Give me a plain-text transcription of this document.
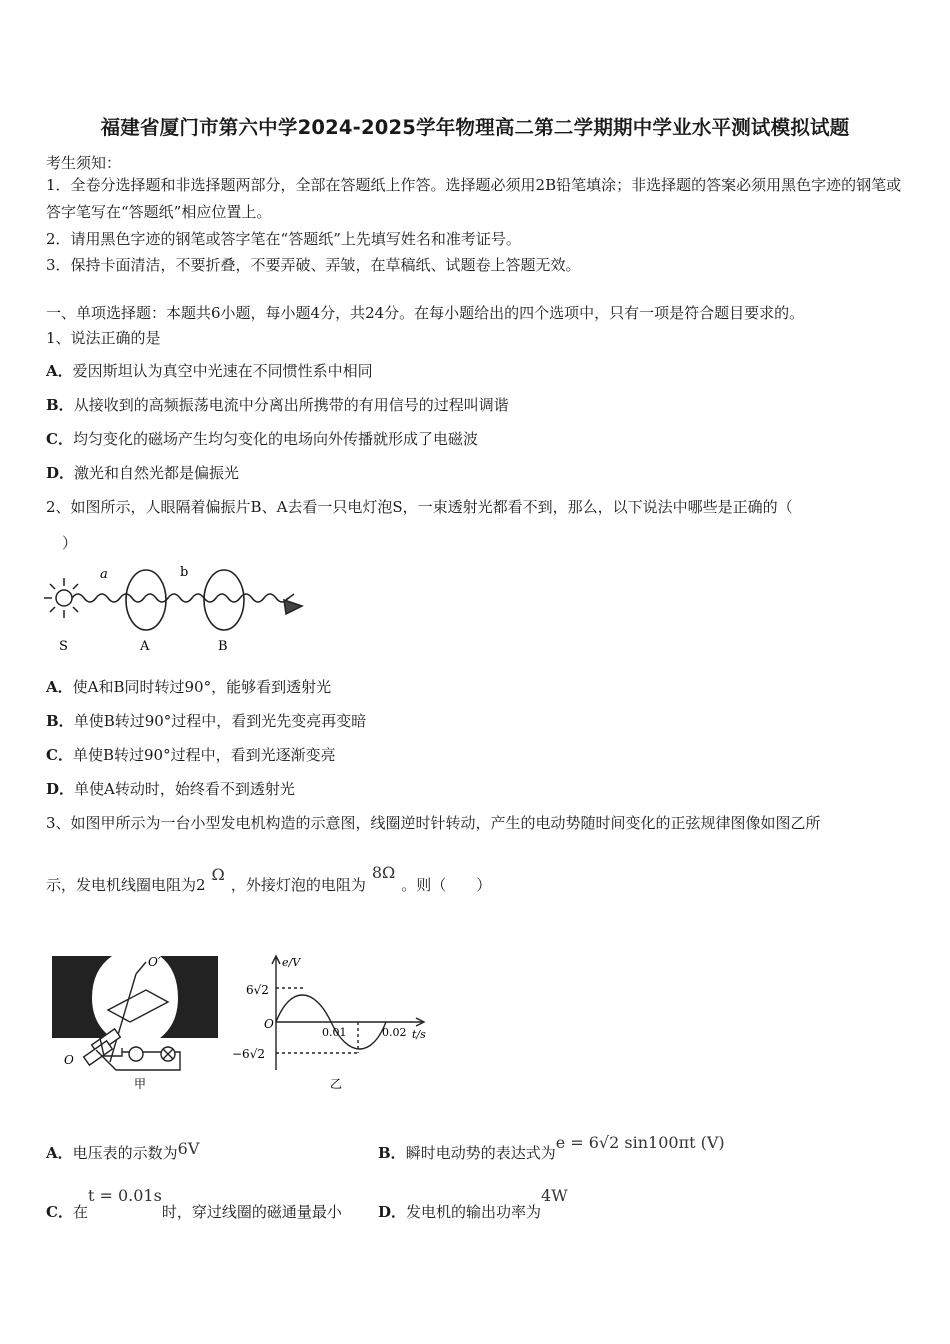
福建省厦门市第六中学2024-2025学年物理高二第二学期期中学业水平测试模拟试题
考生须知：
1．全卷分选择题和非选择题两部分，全部在答题纸上作答。选择题必须用2B铅笔填涂；非选择题的答案必须用黑色字迹的钢笔或答字笔写在“答题纸”相应位置上。
2．请用黑色字迹的钢笔或答字笔在“答题纸”上先填写姓名和准考证号。
3．保持卡面清洁，不要折叠，不要弄破、弄皱，在草稿纸、试题卷上答题无效。
一、单项选择题：本题共6小题，每小题4分，共24分。在每小题给出的四个选项中，只有一项是符合题目要求的。
1、说法正确的是
A．爱因斯坦认为真空中光速在不同惯性系中相同
B．从接收到的高频振荡电流中分离出所携带的有用信号的过程叫调谐
C．均匀变化的磁场产生均匀变化的电场向外传播就形成了电磁波
D．激光和自然光都是偏振光
2、如图所示，人眼隔着偏振片B、A去看一只电灯泡S，一束透射光都看不到，那么，以下说法中哪些是正确的（
）
a	b
S	A	B
A．使A和B同时转过90°，能够看到透射光
B．单使B转过90°过程中，看到光先变亮再变暗
C．单使B转过90°过程中，看到光逐渐变亮
D．单使A转动时，始终看不到透射光
3、如图甲所示为一台小型发电机构造的示意图，线圈逆时针转动，产生的电动势随时间变化的正弦规律图像如图乙所
示，发电机线圈电阻为2Ω，外接灯泡的电阻为8Ω。则（　　）
O′
O
甲
e/V
t/s
6√2
−6√2
O
0.01	0.02
乙
A．电压表的示数为6V	B．瞬时电动势的表达式为e = 6√2 sin100πt (V)
C．在t = 0.01s时，穿过线圈的磁通量最小 D．发电机的输出功率为4W
